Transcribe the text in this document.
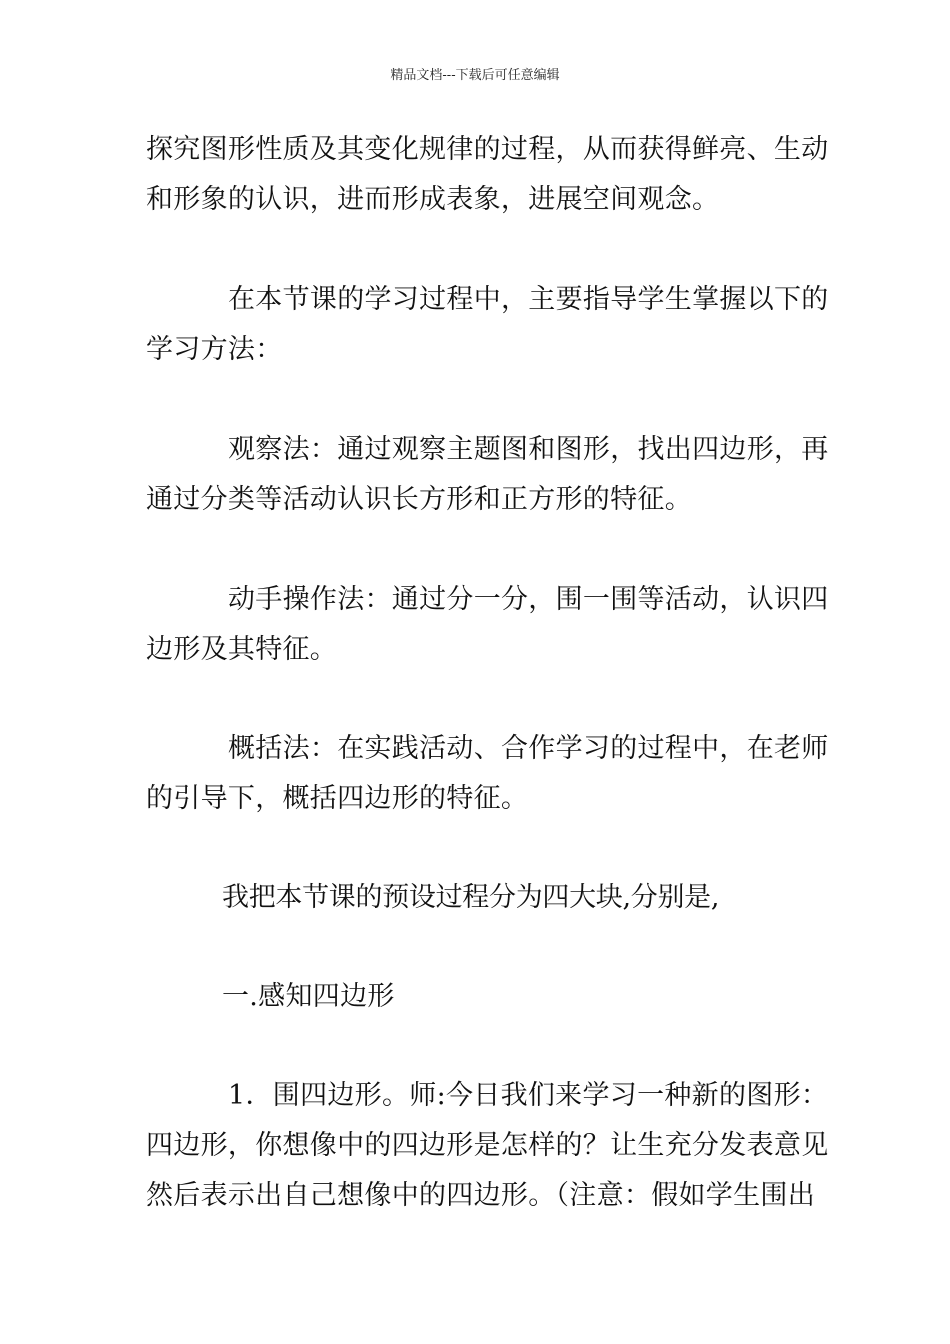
精品文档---下载后可任意编辑
探究图形性质及其变化规律的过程，从而获得鲜亮、生动
和形象的认识，进而形成表象，进展空间观念。
在本节课的学习过程中，主要指导学生掌握以下的
学习方法：
观察法：通过观察主题图和图形，找出四边形，再
通过分类等活动认识长方形和正方形的特征。
动手操作法：通过分一分，围一围等活动，认识四
边形及其特征。
概括法：在实践活动、合作学习的过程中，在老师
的引导下，概括四边形的特征。
我把本节课的预设过程分为四大块,分别是,
一.感知四边形
1．围四边形。师:今日我们来学习一种新的图形：
四边形，你想像中的四边形是怎样的？让生充分发表意见
然后表示出自己想像中的四边形。（注意：假如学生围出
